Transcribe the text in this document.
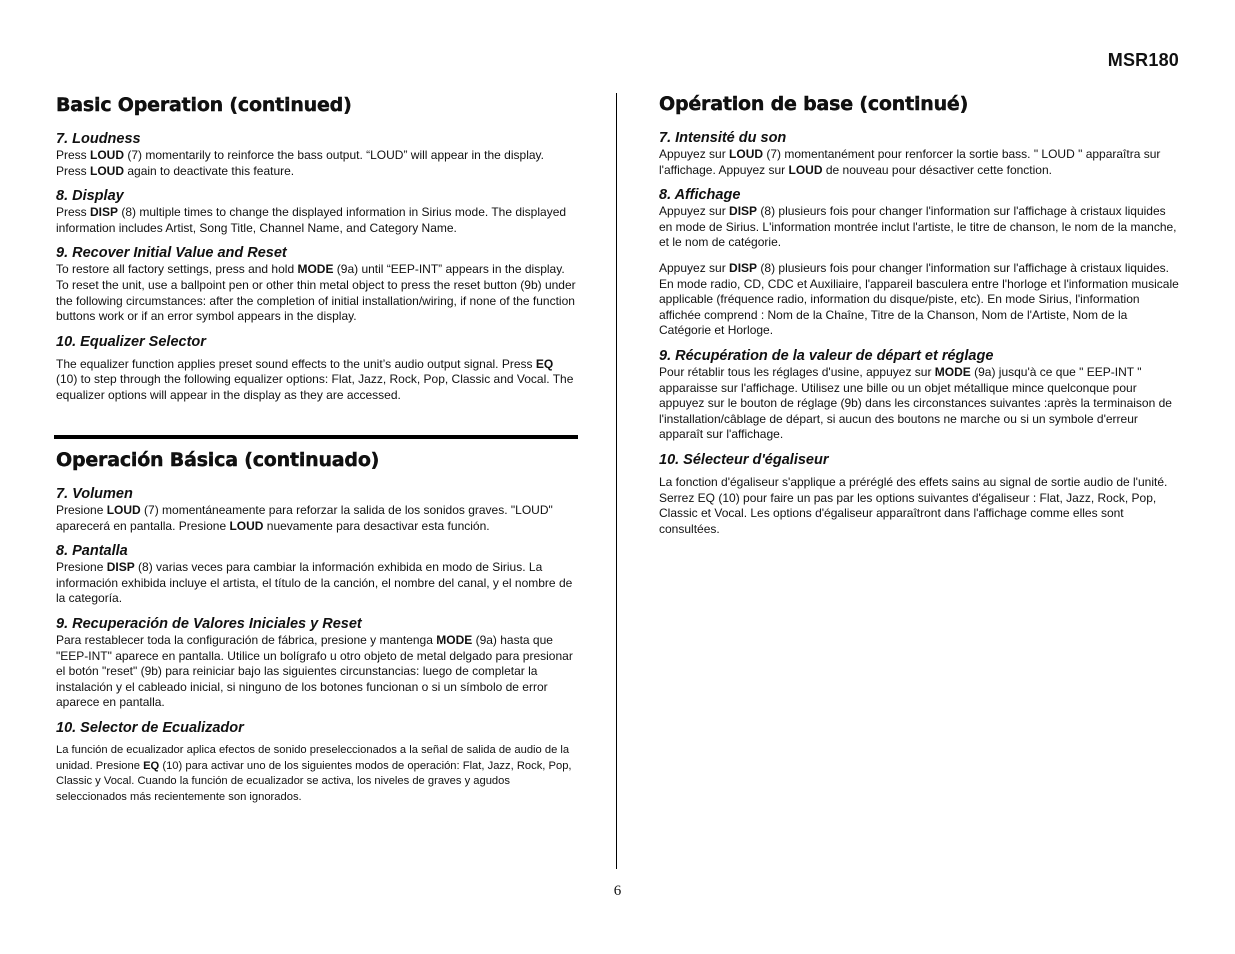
MSR180
Basic Operation (continued)
7. Loudness

Press LOUD (7) momentarily to reinforce the bass output. “LOUD” will appear in the display. Press LOUD again to deactivate this feature.

8. Display

Press DISP (8) multiple times to change the displayed information in Sirius mode. The displayed information includes Artist, Song Title, Channel Name, and Category Name.

9. Recover Initial Value and Reset

To restore all factory settings, press and hold MODE (9a) until “EEP-INT” appears in the display. To reset the unit, use a ballpoint pen or other thin metal object to press the reset button (9b) under the following circumstances: after the completion of initial installation/wiring, if none of the function buttons work or if an error symbol appears in the display.

10. Equalizer Selector

The equalizer function applies preset sound effects to the unit’s audio output signal. Press EQ (10) to step through the following equalizer options: Flat, Jazz, Rock, Pop, Classic and Vocal. The equalizer options will appear in the display as they are accessed.

Operación Básica (continuado)
7. Volumen

Presione LOUD (7) momentáneamente para reforzar la salida de los sonidos graves. "LOUD" aparecerá en pantalla. Presione LOUD nuevamente para desactivar esta función.

8. Pantalla

Presione DISP (8) varias veces para cambiar la información exhibida en modo de Sirius. La información exhibida incluye el artista, el título de la canción, el nombre del canal, y el nombre de la categoría.

9. Recuperación de Valores Iniciales y Reset

Para restablecer toda la configuración de fábrica, presione y mantenga MODE (9a) hasta que "EEP-INT" aparece en pantalla. Utilice un bolígrafo u otro objeto de metal delgado para presionar el botón "reset" (9b) para reiniciar bajo las siguientes circunstancias: luego de completar la instalación y el cableado inicial, si ninguno de los botones funcionan o si un símbolo de error aparece en pantalla.

10. Selector de Ecualizador

La función de ecualizador aplica efectos de sonido preseleccionados a la señal de salida de audio de la unidad. Presione EQ (10) para activar uno de los siguientes modos de operación: Flat, Jazz, Rock, Pop, Classic y Vocal. Cuando la función de ecualizador se activa, los niveles de graves y agudos seleccionados más recientemente son ignorados.

Opération de base (continué)
7. Intensité du son

Appuyez sur LOUD (7) momentanément pour renforcer la sortie bass. " LOUD " apparaîtra sur l'affichage. Appuyez sur LOUD de nouveau pour désactiver cette fonction.

8. Affichage

Appuyez sur DISP (8) plusieurs fois pour changer l'information sur l'affichage à cristaux liquides en mode de Sirius. L'information montrée inclut l'artiste, le titre de chanson, le nom de la manche, et le nom de catégorie.

Appuyez sur DISP (8) plusieurs fois pour changer l'information sur l'affichage à cristaux liquides. En mode radio, CD, CDC et Auxiliaire, l'appareil basculera entre l'horloge et l'information musicale applicable (fréquence radio, information du disque/piste, etc). En mode Sirius, l'information affichée comprend : Nom de la Chaîne, Titre de la Chanson, Nom de l'Artiste, Nom de la Catégorie et Horloge.

9. Récupération de la valeur de départ et réglage

Pour rétablir tous les réglages d'usine, appuyez sur MODE (9a) jusqu'à ce que " EEP-INT " apparaisse sur l'affichage. Utilisez une bille ou un objet métallique mince quelconque pour appuyez sur le bouton de réglage (9b) dans les circonstances suivantes :après la terminaison de l'installation/câblage de départ, si aucun des boutons ne marche ou si un symbole d'erreur apparaît sur l'affichage.

10. Sélecteur d'égaliseur

La fonction d'égaliseur s'applique a préréglé des effets sains au signal de sortie audio de l'unité. Serrez EQ (10) pour faire un pas par les options suivantes d'égaliseur : Flat, Jazz, Rock, Pop, Classic et Vocal. Les options d'égaliseur apparaîtront dans l'affichage comme elles sont consultées.

6
